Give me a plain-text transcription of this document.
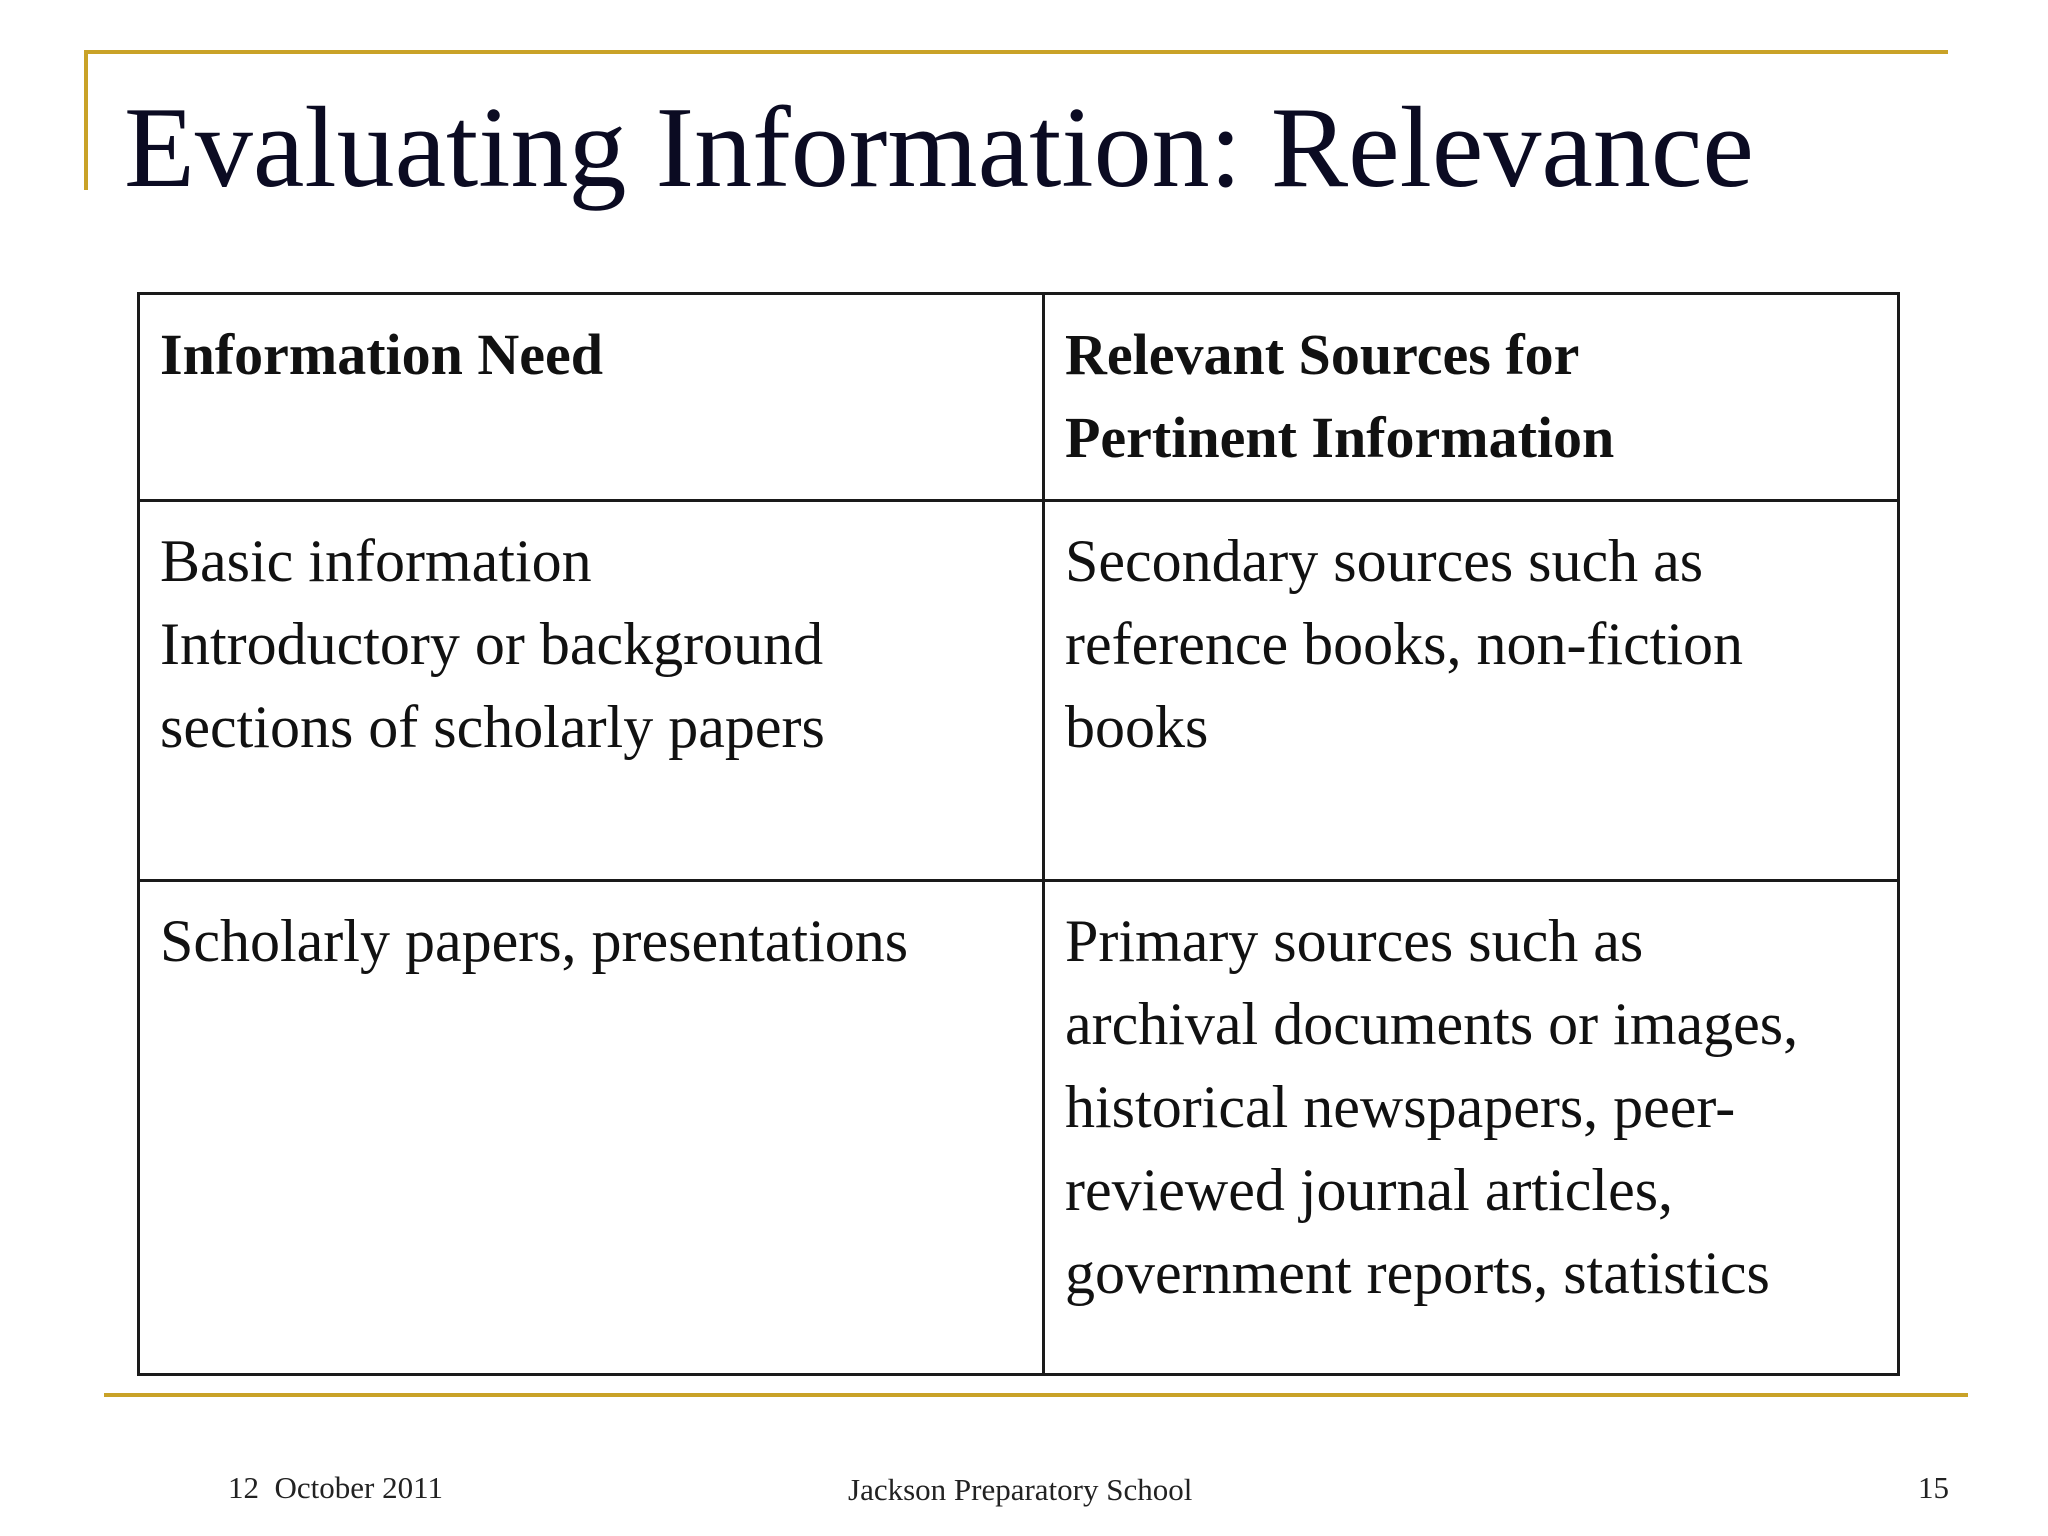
Evaluating Information: Relevance
Information Need	Relevant Sources for
Pertinent Information

Basic information
Introductory or background
sections of scholarly papers	Secondary sources such as
reference books, non-fiction
books

Scholarly papers, presentations	Primary sources such as
archival documents or images,
historical newspapers, peer-
reviewed journal articles,
government reports, statistics
12  October 2011	Jackson Preparatory School	15
